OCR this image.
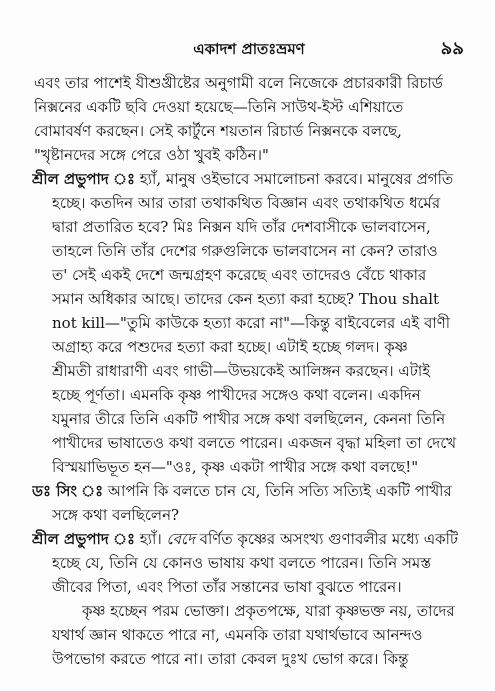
একাদশ প্রাতঃভ্রমণ	৯৯
এবং তার পাশেই যীশুখ্রীষ্টের অনুগামী বলে নিজেকে প্রচারকারী রিচার্ড
নিক্সনের একটি ছবি দেওয়া হয়েছে—তিনি সাউথ-ইস্ট এশিয়াতে
বোমাবর্ষণ করছেন। সেই কার্টুনে শয়তান রিচার্ড নিক্সনকে বলছে,
"খৃষ্টানদের সঙ্গে পেরে ওঠা খুবই কঠিন।"
শ্রীল প্রভুপাদ ঃ হ্যাঁ, মানুষ ওইভাবে সমালোচনা করবে। মানুষের প্রগতি
হচ্ছে। কতদিন আর তারা তথাকথিত বিজ্ঞান এবং তথাকথিত ধর্মের
দ্বারা প্রতারিত হবে? মিঃ নিক্সন যদি তাঁর দেশবাসীকে ভালবাসেন,
তাহলে তিনি তাঁর দেশের গরুগুলিকে ভালবাসেন না কেন? তারাও
ত' সেই একই দেশে জন্মগ্রহণ করেছে এবং তাদেরও বেঁচে থাকার
সমান অধিকার আছে। তাদের কেন হত্যা করা হচ্ছে? Thou shalt
not kill—"তুমি কাউকে হত্যা করো না"—কিন্তু বাইবেলের এই বাণী
অগ্রাহ্য করে পশুদের হত্যা করা হচ্ছে। এটাই হচ্ছে গলদ। কৃষ্ণ
শ্রীমতী রাধারাণী এবং গাভী—উভয়কেই আলিঙ্গন করছেন। এটাই
হচ্ছে পূর্ণতা। এমনকি কৃষ্ণ পাখীদের সঙ্গেও কথা বলেন। একদিন
যমুনার তীরে তিনি একটি পাখীর সঙ্গে কথা বলছিলেন, কেননা তিনি
পাখীদের ভাষাতেও কথা বলতে পারেন। একজন বৃদ্ধা মহিলা তা দেখে
বিস্ময়াভিভূত হন—"ওঃ, কৃষ্ণ একটা পাখীর সঙ্গে কথা বলছে!"
ডঃ সিং ঃ আপনি কি বলতে চান যে, তিনি সত্যি সত্যিই একটি পাখীর
সঙ্গে কথা বলছিলেন?
শ্রীল প্রভুপাদ ঃ হ্যাঁ। বেদে বর্ণিত কৃষ্ণের অসংখ্য গুণাবলীর মধ্যে একটি
হচ্ছে যে, তিনি যে কোনও ভাষায় কথা বলতে পারেন। তিনি সমস্ত
জীবের পিতা, এবং পিতা তাঁর সন্তানের ভাষা বুঝতে পারেন।
কৃষ্ণ হচ্ছেন পরম ভোক্তা। প্রকৃতপক্ষে, যারা কৃষ্ণভক্ত নয়, তাদের
যথার্থ জ্ঞান থাকতে পারে না, এমনকি তারা যথার্থভাবে আনন্দও
উপভোগ করতে পারে না। তারা কেবল দুঃখ ভোগ করে। কিন্তু
